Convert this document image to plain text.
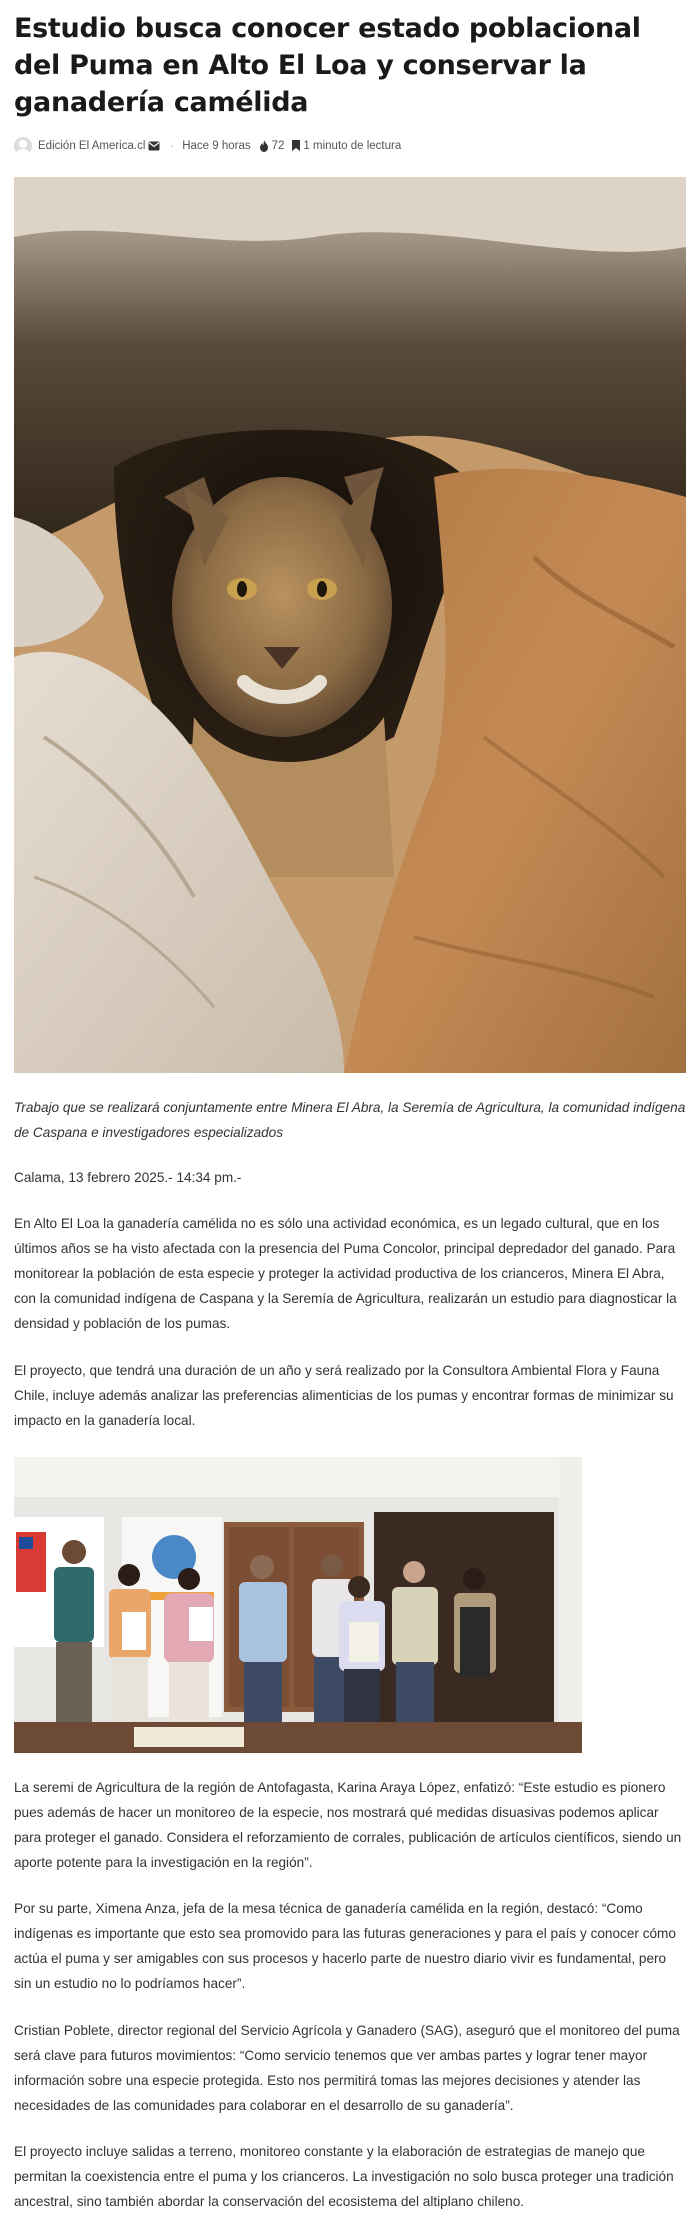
Estudio busca conocer estado poblacional del Puma en Alto El Loa y conservar la ganadería camélida
Edición El America.cl · Hace 9 horas 72 1 minuto de lectura

Trabajo que se realizará conjuntamente entre Minera El Abra, la Seremía de Agricultura, la comunidad indígena de Caspana e investigadores especializados

Calama, 13 febrero 2025.- 14:34 pm.-

En Alto El Loa la ganadería camélida no es sólo una actividad económica, es un legado cultural, que en los últimos años se ha visto afectada con la presencia del Puma Concolor, principal depredador del ganado. Para monitorear la población de esta especie y proteger la actividad productiva de los crianceros, Minera El Abra, con la comunidad indígena de Caspana y la Seremía de Agricultura, realizarán un estudio para diagnosticar la densidad y población de los pumas.

El proyecto, que tendrá una duración de un año y será realizado por la Consultora Ambiental Flora y Fauna Chile, incluye además analizar las preferencias alimenticias de los pumas y encontrar formas de minimizar su impacto en la ganadería local.

La seremi de Agricultura de la región de Antofagasta, Karina Araya López, enfatizó: “Este estudio es pionero pues además de hacer un monitoreo de la especie, nos mostrará qué medidas disuasivas podemos aplicar para proteger el ganado. Considera el reforzamiento de corrales, publicación de artículos científicos, siendo un aporte potente para la investigación en la región”.

Por su parte, Ximena Anza, jefa de la mesa técnica de ganadería camélida en la región, destacó: “Como indígenas es importante que esto sea promovido para las futuras generaciones y para el país y conocer cómo actúa el puma y ser amigables con sus procesos y hacerlo parte de nuestro diario vivir es fundamental, pero sin un estudio no lo podríamos hacer”.

Cristian Poblete, director regional del Servicio Agrícola y Ganadero (SAG), aseguró que el monitoreo del puma será clave para futuros movimientos: “Como servicio tenemos que ver ambas partes y lograr tener mayor información sobre una especie protegida. Esto nos permitirá tomas las mejores decisiones y atender las necesidades de las comunidades para colaborar en el desarrollo de su ganadería”.

El proyecto incluye salidas a terreno, monitoreo constante y la elaboración de estrategias de manejo que permitan la coexistencia entre el puma y los crianceros. La investigación no solo busca proteger una tradición ancestral, sino también abordar la conservación del ecosistema del altiplano chileno.
